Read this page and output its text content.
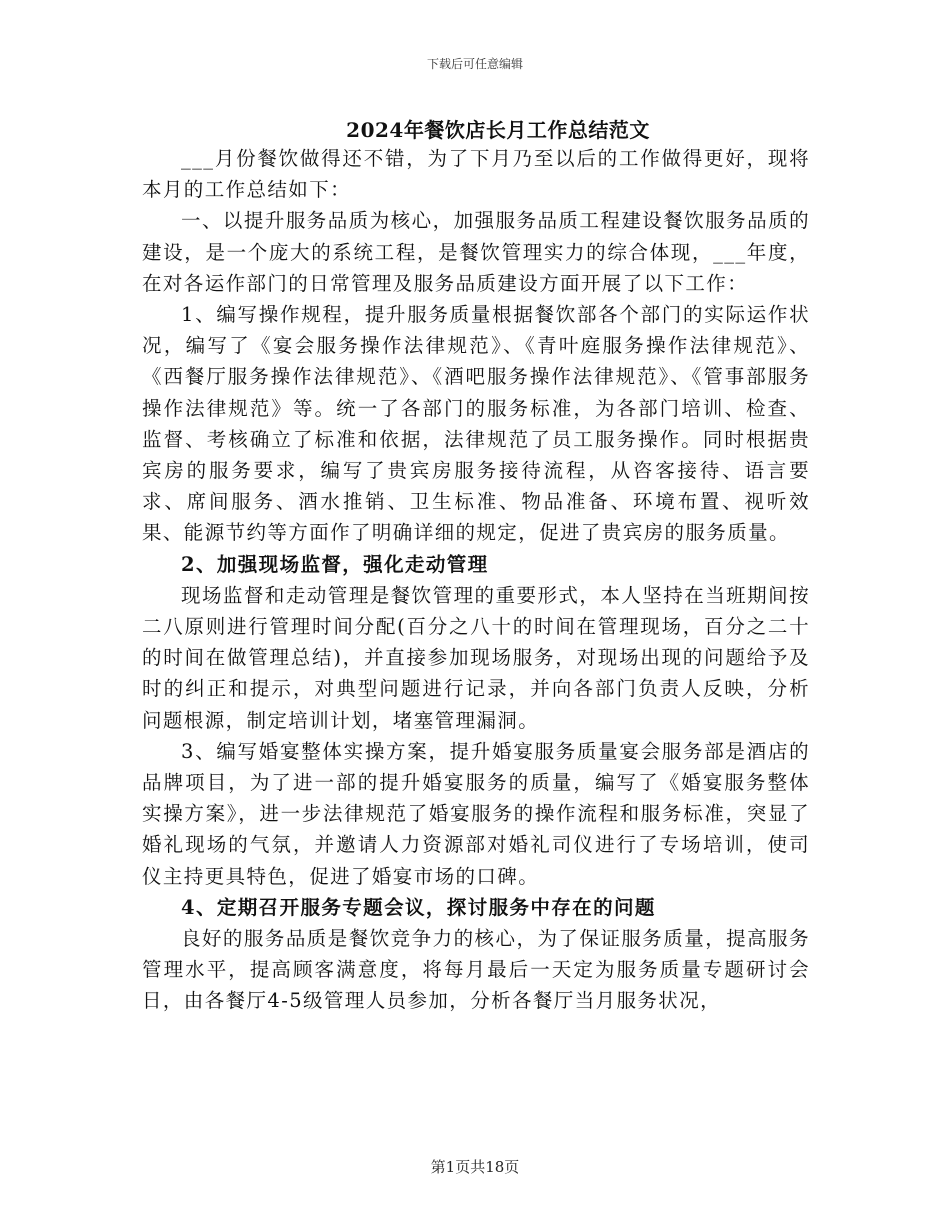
下载后可任意编辑
2024年餐饮店长月工作总结范文

___月份餐饮做得还不错，为了下月乃至以后的工作做得更好，现将本月的工作总结如下：

一、以提升服务品质为核心，加强服务品质工程建设餐饮服务品质的建设，是一个庞大的系统工程，是餐饮管理实力的综合体现，___年度，在对各运作部门的日常管理及服务品质建设方面开展了以下工作：

1、编写操作规程，提升服务质量根据餐饮部各个部门的实际运作状况，编写了《宴会服务操作法律规范》、《青叶庭服务操作法律规范》、《西餐厅服务操作法律规范》、《酒吧服务操作法律规范》、《管事部服务操作法律规范》等。统一了各部门的服务标准，为各部门培训、检查、监督、考核确立了标准和依据，法律规范了员工服务操作。同时根据贵宾房的服务要求，编写了贵宾房服务接待流程，从咨客接待、语言要求、席间服务、酒水推销、卫生标准、物品准备、环境布置、视听效果、能源节约等方面作了明确详细的规定，促进了贵宾房的服务质量。

2、加强现场监督，强化走动管理

现场监督和走动管理是餐饮管理的重要形式，本人坚持在当班期间按二八原则进行管理时间分配(百分之八十的时间在管理现场，百分之二十的时间在做管理总结)，并直接参加现场服务，对现场出现的问题给予及时的纠正和提示，对典型问题进行记录，并向各部门负责人反映，分析问题根源，制定培训计划，堵塞管理漏洞。

3、编写婚宴整体实操方案，提升婚宴服务质量宴会服务部是酒店的品牌项目，为了进一部的提升婚宴服务的质量，编写了《婚宴服务整体实操方案》，进一步法律规范了婚宴服务的操作流程和服务标准，突显了婚礼现场的气氛，并邀请人力资源部对婚礼司仪进行了专场培训，使司仪主持更具特色，促进了婚宴市场的口碑。

4、定期召开服务专题会议，探讨服务中存在的问题

良好的服务品质是餐饮竞争力的核心，为了保证服务质量，提高服务管理水平，提高顾客满意度，将每月最后一天定为服务质量专题研讨会日，由各餐厅4-5级管理人员参加，分析各餐厅当月服务状况，

第1页共18页
